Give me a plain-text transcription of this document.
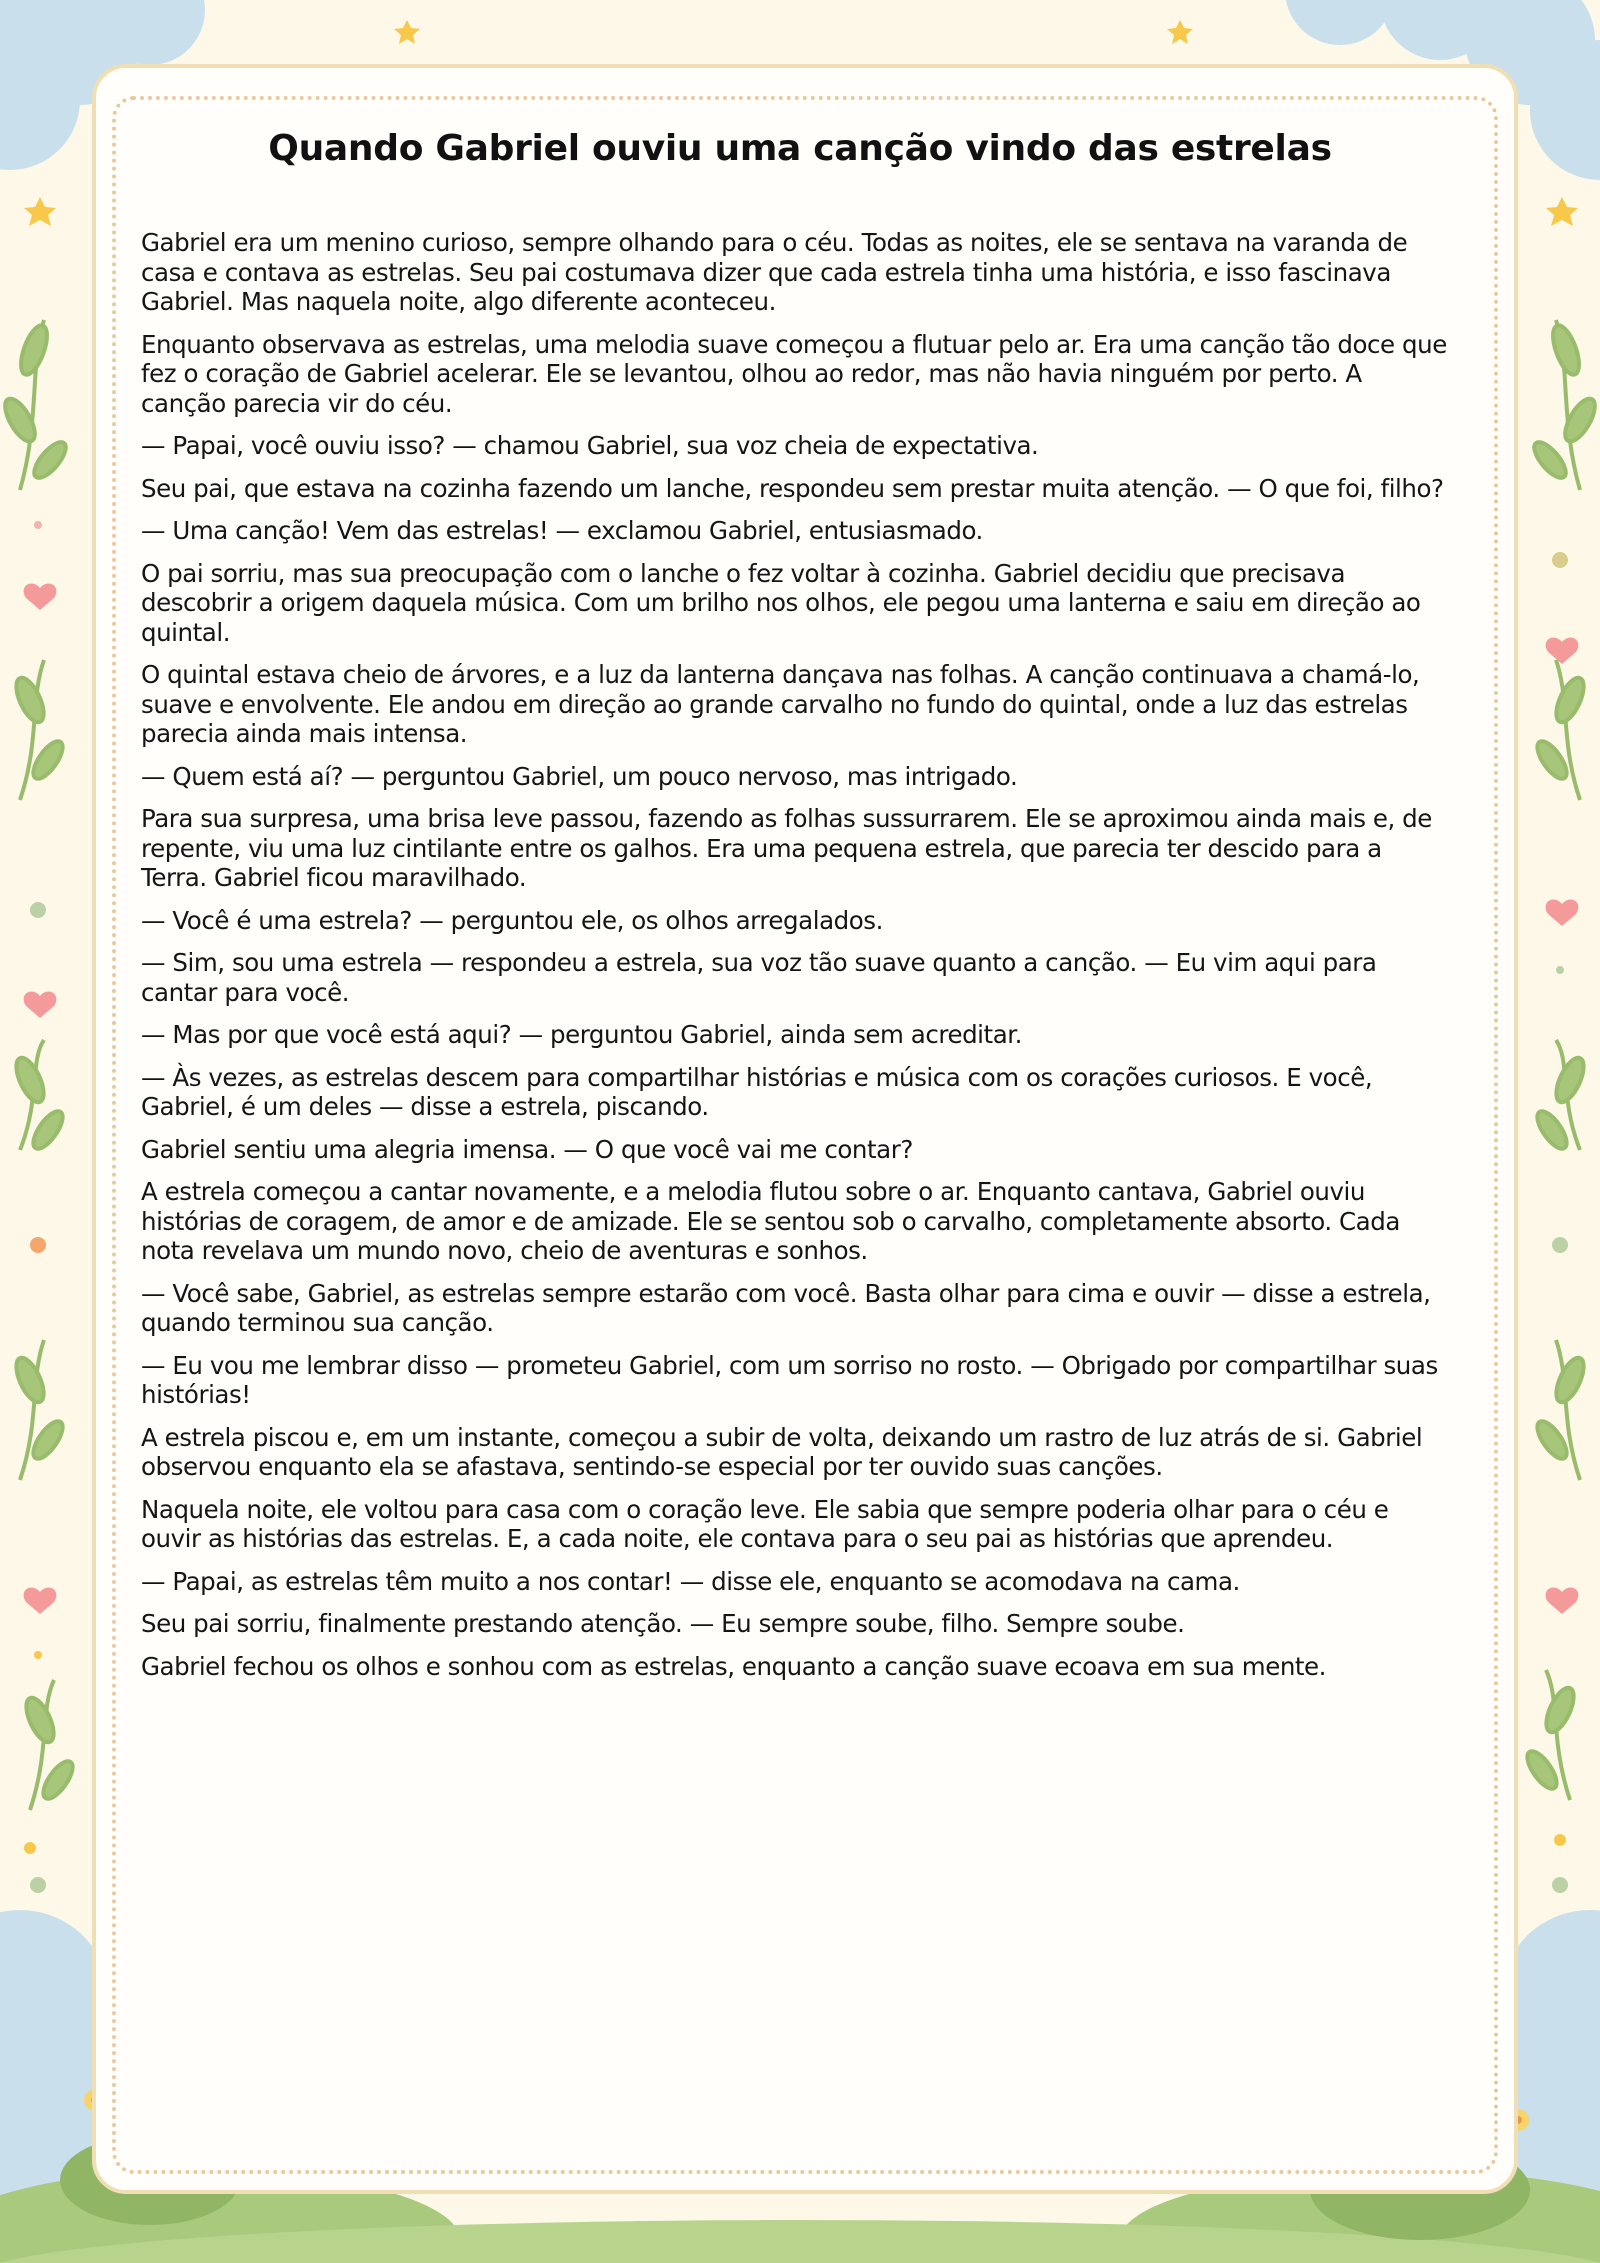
Quando Gabriel ouviu uma canção vindo das estrelas

Gabriel era um menino curioso, sempre olhando para o céu. Todas as noites, ele se sentava na varanda de casa e contava as estrelas. Seu pai costumava dizer que cada estrela tinha uma história, e isso fascinava Gabriel. Mas naquela noite, algo diferente aconteceu.

Enquanto observava as estrelas, uma melodia suave começou a flutuar pelo ar. Era uma canção tão doce que fez o coração de Gabriel acelerar. Ele se levantou, olhou ao redor, mas não havia ninguém por perto. A canção parecia vir do céu.

— Papai, você ouviu isso? — chamou Gabriel, sua voz cheia de expectativa.

Seu pai, que estava na cozinha fazendo um lanche, respondeu sem prestar muita atenção. — O que foi, filho?

— Uma canção! Vem das estrelas! — exclamou Gabriel, entusiasmado.

O pai sorriu, mas sua preocupação com o lanche o fez voltar à cozinha. Gabriel decidiu que precisava descobrir a origem daquela música. Com um brilho nos olhos, ele pegou uma lanterna e saiu em direção ao quintal.

O quintal estava cheio de árvores, e a luz da lanterna dançava nas folhas. A canção continuava a chamá-lo, suave e envolvente. Ele andou em direção ao grande carvalho no fundo do quintal, onde a luz das estrelas parecia ainda mais intensa.

— Quem está aí? — perguntou Gabriel, um pouco nervoso, mas intrigado.

Para sua surpresa, uma brisa leve passou, fazendo as folhas sussurrarem. Ele se aproximou ainda mais e, de repente, viu uma luz cintilante entre os galhos. Era uma pequena estrela, que parecia ter descido para a Terra. Gabriel ficou maravilhado.

— Você é uma estrela? — perguntou ele, os olhos arregalados.

— Sim, sou uma estrela — respondeu a estrela, sua voz tão suave quanto a canção. — Eu vim aqui para cantar para você.

— Mas por que você está aqui? — perguntou Gabriel, ainda sem acreditar.

— Às vezes, as estrelas descem para compartilhar histórias e música com os corações curiosos. E você, Gabriel, é um deles — disse a estrela, piscando.

Gabriel sentiu uma alegria imensa. — O que você vai me contar?

A estrela começou a cantar novamente, e a melodia flutou sobre o ar. Enquanto cantava, Gabriel ouviu histórias de coragem, de amor e de amizade. Ele se sentou sob o carvalho, completamente absorto. Cada nota revelava um mundo novo, cheio de aventuras e sonhos.

— Você sabe, Gabriel, as estrelas sempre estarão com você. Basta olhar para cima e ouvir — disse a estrela, quando terminou sua canção.

— Eu vou me lembrar disso — prometeu Gabriel, com um sorriso no rosto. — Obrigado por compartilhar suas histórias!

A estrela piscou e, em um instante, começou a subir de volta, deixando um rastro de luz atrás de si. Gabriel observou enquanto ela se afastava, sentindo-se especial por ter ouvido suas canções.

Naquela noite, ele voltou para casa com o coração leve. Ele sabia que sempre poderia olhar para o céu e ouvir as histórias das estrelas. E, a cada noite, ele contava para o seu pai as histórias que aprendeu.

— Papai, as estrelas têm muito a nos contar! — disse ele, enquanto se acomodava na cama.

Seu pai sorriu, finalmente prestando atenção. — Eu sempre soube, filho. Sempre soube.

Gabriel fechou os olhos e sonhou com as estrelas, enquanto a canção suave ecoava em sua mente.
